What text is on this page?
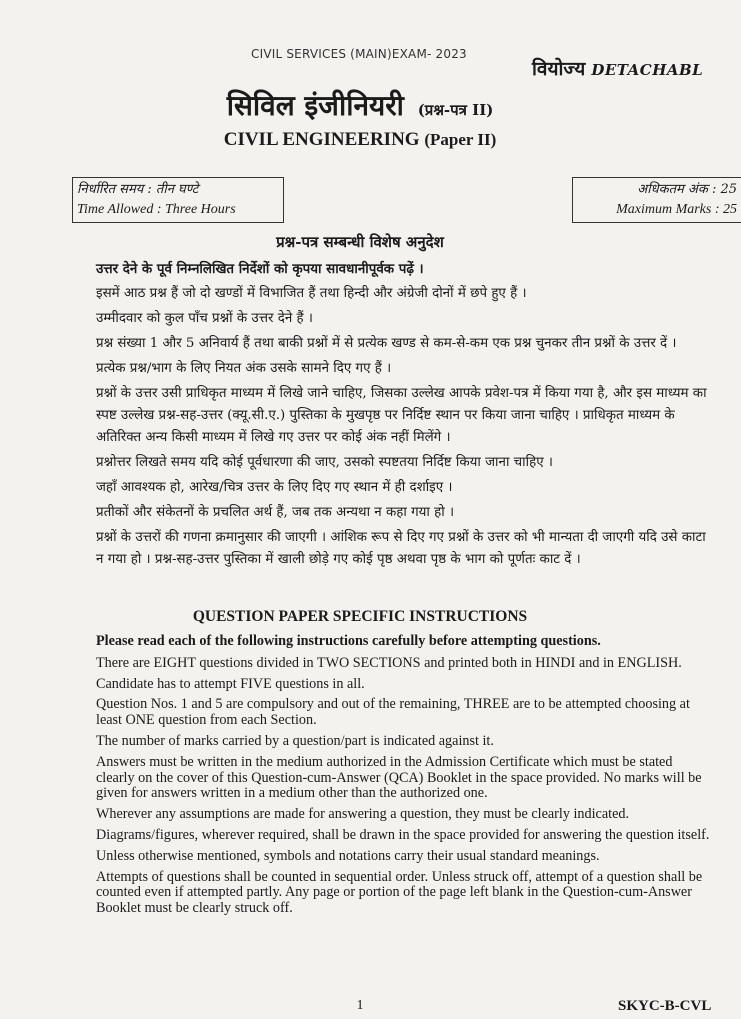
CIVIL SERVICES (MAIN)EXAM- 2023
वियोज्य DETACHABL
सिविल इंजीनियरी (प्रश्न-पत्र II)
CIVIL ENGINEERING (Paper II)
निर्धारित समय : तीन घण्टे
Time Allowed : Three Hours
अधिकतम अंक : 25
Maximum Marks : 25
प्रश्न-पत्र सम्बन्धी विशेष अनुदेश

उत्तर देने के पूर्व निम्नलिखित निर्देशों को कृपया सावधानीपूर्वक पढ़ें ।

इसमें आठ प्रश्न हैं जो दो खण्डों में विभाजित हैं तथा हिन्दी और अंग्रेजी दोनों में छपे हुए हैं ।

उम्मीदवार को कुल पाँच प्रश्नों के उत्तर देने हैं ।

प्रश्न संख्या 1 और 5 अनिवार्य हैं तथा बाकी प्रश्नों में से प्रत्येक खण्ड से कम-से-कम एक प्रश्न चुनकर तीन प्रश्नों के उत्तर दें ।

प्रत्येक प्रश्न/भाग के लिए नियत अंक उसके सामने दिए गए हैं ।

प्रश्नों के उत्तर उसी प्राधिकृत माध्यम में लिखे जाने चाहिए, जिसका उल्लेख आपके प्रवेश-पत्र में किया गया है, और इस माध्यम का स्पष्ट उल्लेख प्रश्न-सह-उत्तर (क्यू.सी.ए.) पुस्तिका के मुखपृष्ठ पर निर्दिष्ट स्थान पर किया जाना चाहिए । प्राधिकृत माध्यम के अतिरिक्त अन्य किसी माध्यम में लिखे गए उत्तर पर कोई अंक नहीं मिलेंगे ।

प्रश्नोत्तर लिखते समय यदि कोई पूर्वधारणा की जाए, उसको स्पष्टतया निर्दिष्ट किया जाना चाहिए ।

जहाँ आवश्यक हो, आरेख/चित्र उत्तर के लिए दिए गए स्थान में ही दर्शाइए ।

प्रतीकों और संकेतनों के प्रचलित अर्थ हैं, जब तक अन्यथा न कहा गया हो ।

प्रश्नों के उत्तरों की गणना क्रमानुसार की जाएगी । आंशिक रूप से दिए गए प्रश्नों के उत्तर को भी मान्यता दी जाएगी यदि उसे काटा न गया हो । प्रश्न-सह-उत्तर पुस्तिका में खाली छोड़े गए कोई पृष्ठ अथवा पृष्ठ के भाग को पूर्णतः काट दें ।

QUESTION PAPER SPECIFIC INSTRUCTIONS

Please read each of the following instructions carefully before attempting questions.

There are EIGHT questions divided in TWO SECTIONS and printed both in HINDI and in ENGLISH.

Candidate has to attempt FIVE questions in all.

Question Nos. 1 and 5 are compulsory and out of the remaining, THREE are to be attempted choosing at least ONE question from each Section.

The number of marks carried by a question/part is indicated against it.

Answers must be written in the medium authorized in the Admission Certificate which must be stated clearly on the cover of this Question-cum-Answer (QCA) Booklet in the space provided. No marks will be given for answers written in a medium other than the authorized one.

Wherever any assumptions are made for answering a question, they must be clearly indicated.

Diagrams/figures, wherever required, shall be drawn in the space provided for answering the question itself.

Unless otherwise mentioned, symbols and notations carry their usual standard meanings.

Attempts of questions shall be counted in sequential order. Unless struck off, attempt of a question shall be counted even if attempted partly. Any page or portion of the page left blank in the Question-cum-Answer Booklet must be clearly struck off.

1	SKYC-B-CVL
